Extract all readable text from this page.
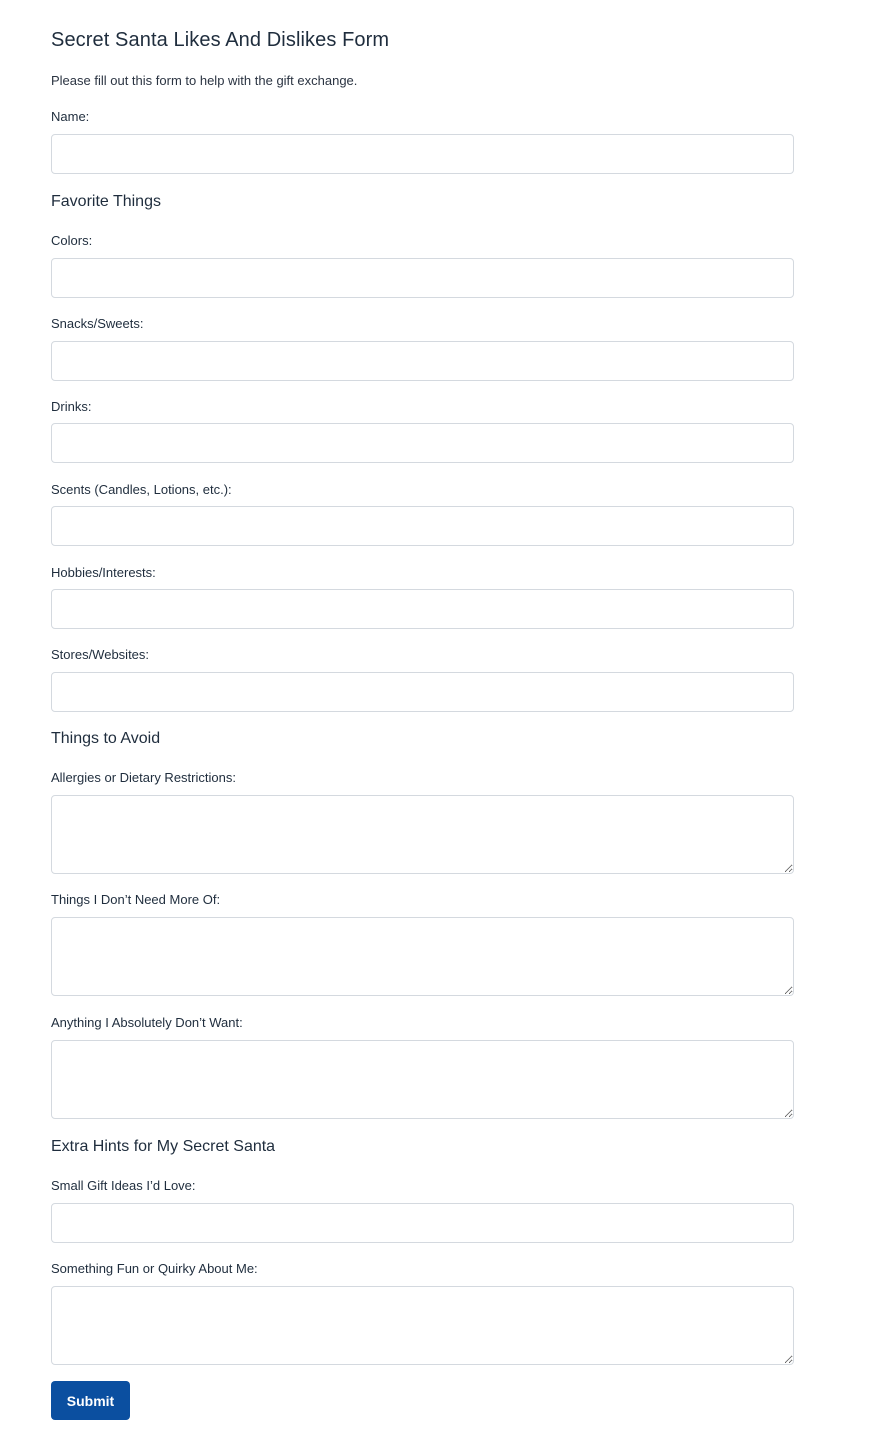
Secret Santa Likes And Dislikes Form
Please fill out this form to help with the gift exchange.
Name:
Favorite Things
Colors:
Snacks/Sweets:
Drinks:
Scents (Candles, Lotions, etc.):
Hobbies/Interests:
Stores/Websites:
Things to Avoid
Allergies or Dietary Restrictions:
Things I Don’t Need More Of:
Anything I Absolutely Don’t Want:
Extra Hints for My Secret Santa
Small Gift Ideas I’d Love:
Something Fun or Quirky About Me:
Submit
